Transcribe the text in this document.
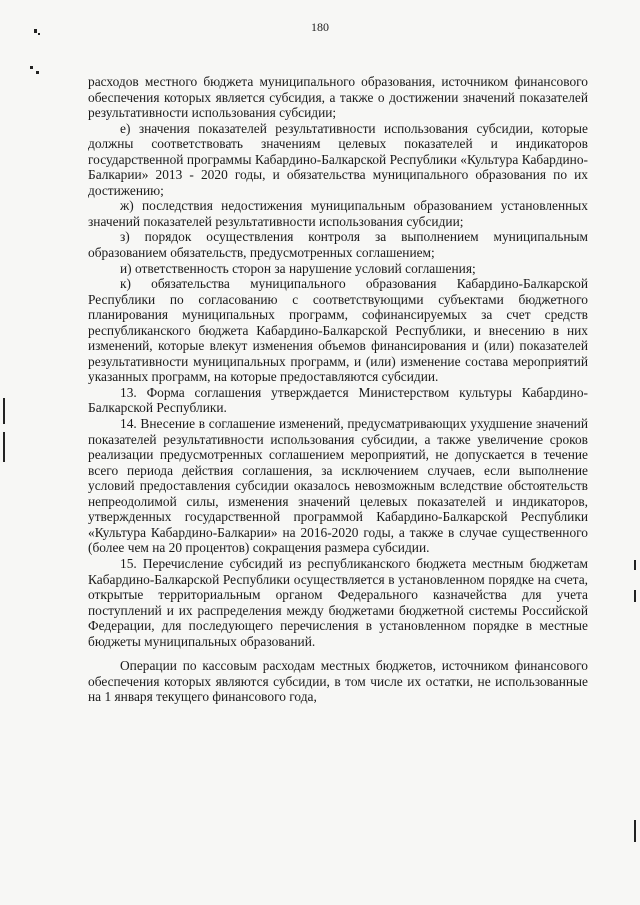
180

расходов местного бюджета муниципального образования, источником финансового обеспечения которых является субсидия, а также о достижении значений показателей результативности использования субсидии;

е) значения показателей результативности использования субсидии, которые должны соответствовать значениям целевых показателей и индикаторов государственной программы Кабардино-Балкарской Республики «Культура Кабардино-Балкарии» 2013 - 2020 годы, и обязательства муниципального образования по их достижению;

ж) последствия недостижения муниципальным образованием установленных значений показателей результативности использования субсидии;

з) порядок осуществления контроля за выполнением муниципальным образованием обязательств, предусмотренных соглашением;

и) ответственность сторон за нарушение условий соглашения;

к) обязательства муниципального образования Кабардино-Балкарской Республики по согласованию с соответствующими субъектами бюджетного планирования муниципальных программ, софинансируемых за счет средств республиканского бюджета Кабардино-Балкарской Республики, и внесению в них изменений, которые влекут изменения объемов финансирования и (или) показателей результативности муниципальных программ, и (или) изменение состава мероприятий указанных программ, на которые предоставляются субсидии.

13. Форма соглашения утверждается Министерством культуры Кабардино-Балкарской Республики.

14. Внесение в соглашение изменений, предусматривающих ухудшение значений показателей результативности использования субсидии, а также увеличение сроков реализации предусмотренных соглашением мероприятий, не допускается в течение всего периода действия соглашения, за исключением случаев, если выполнение условий предоставления субсидии оказалось невозможным вследствие обстоятельств непреодолимой силы, изменения значений целевых показателей и индикаторов, утвержденных государственной программой Кабардино-Балкарской Республики «Культура Кабардино-Балкарии» на 2016-2020 годы, а также в случае существенного (более чем на 20 процентов) сокращения размера субсидии.

15. Перечисление субсидий из республиканского бюджета местным бюджетам Кабардино-Балкарской Республики осуществляется в установленном порядке на счета, открытые территориальным органом Федерального казначейства для учета поступлений и их распределения между бюджетами бюджетной системы Российской Федерации, для последующего перечисления в установленном порядке в местные бюджеты муниципальных образований.

Операции по кассовым расходам местных бюджетов, источником финансового обеспечения которых являются субсидии, в том числе их остатки, не использованные на 1 января текущего финансового года,
